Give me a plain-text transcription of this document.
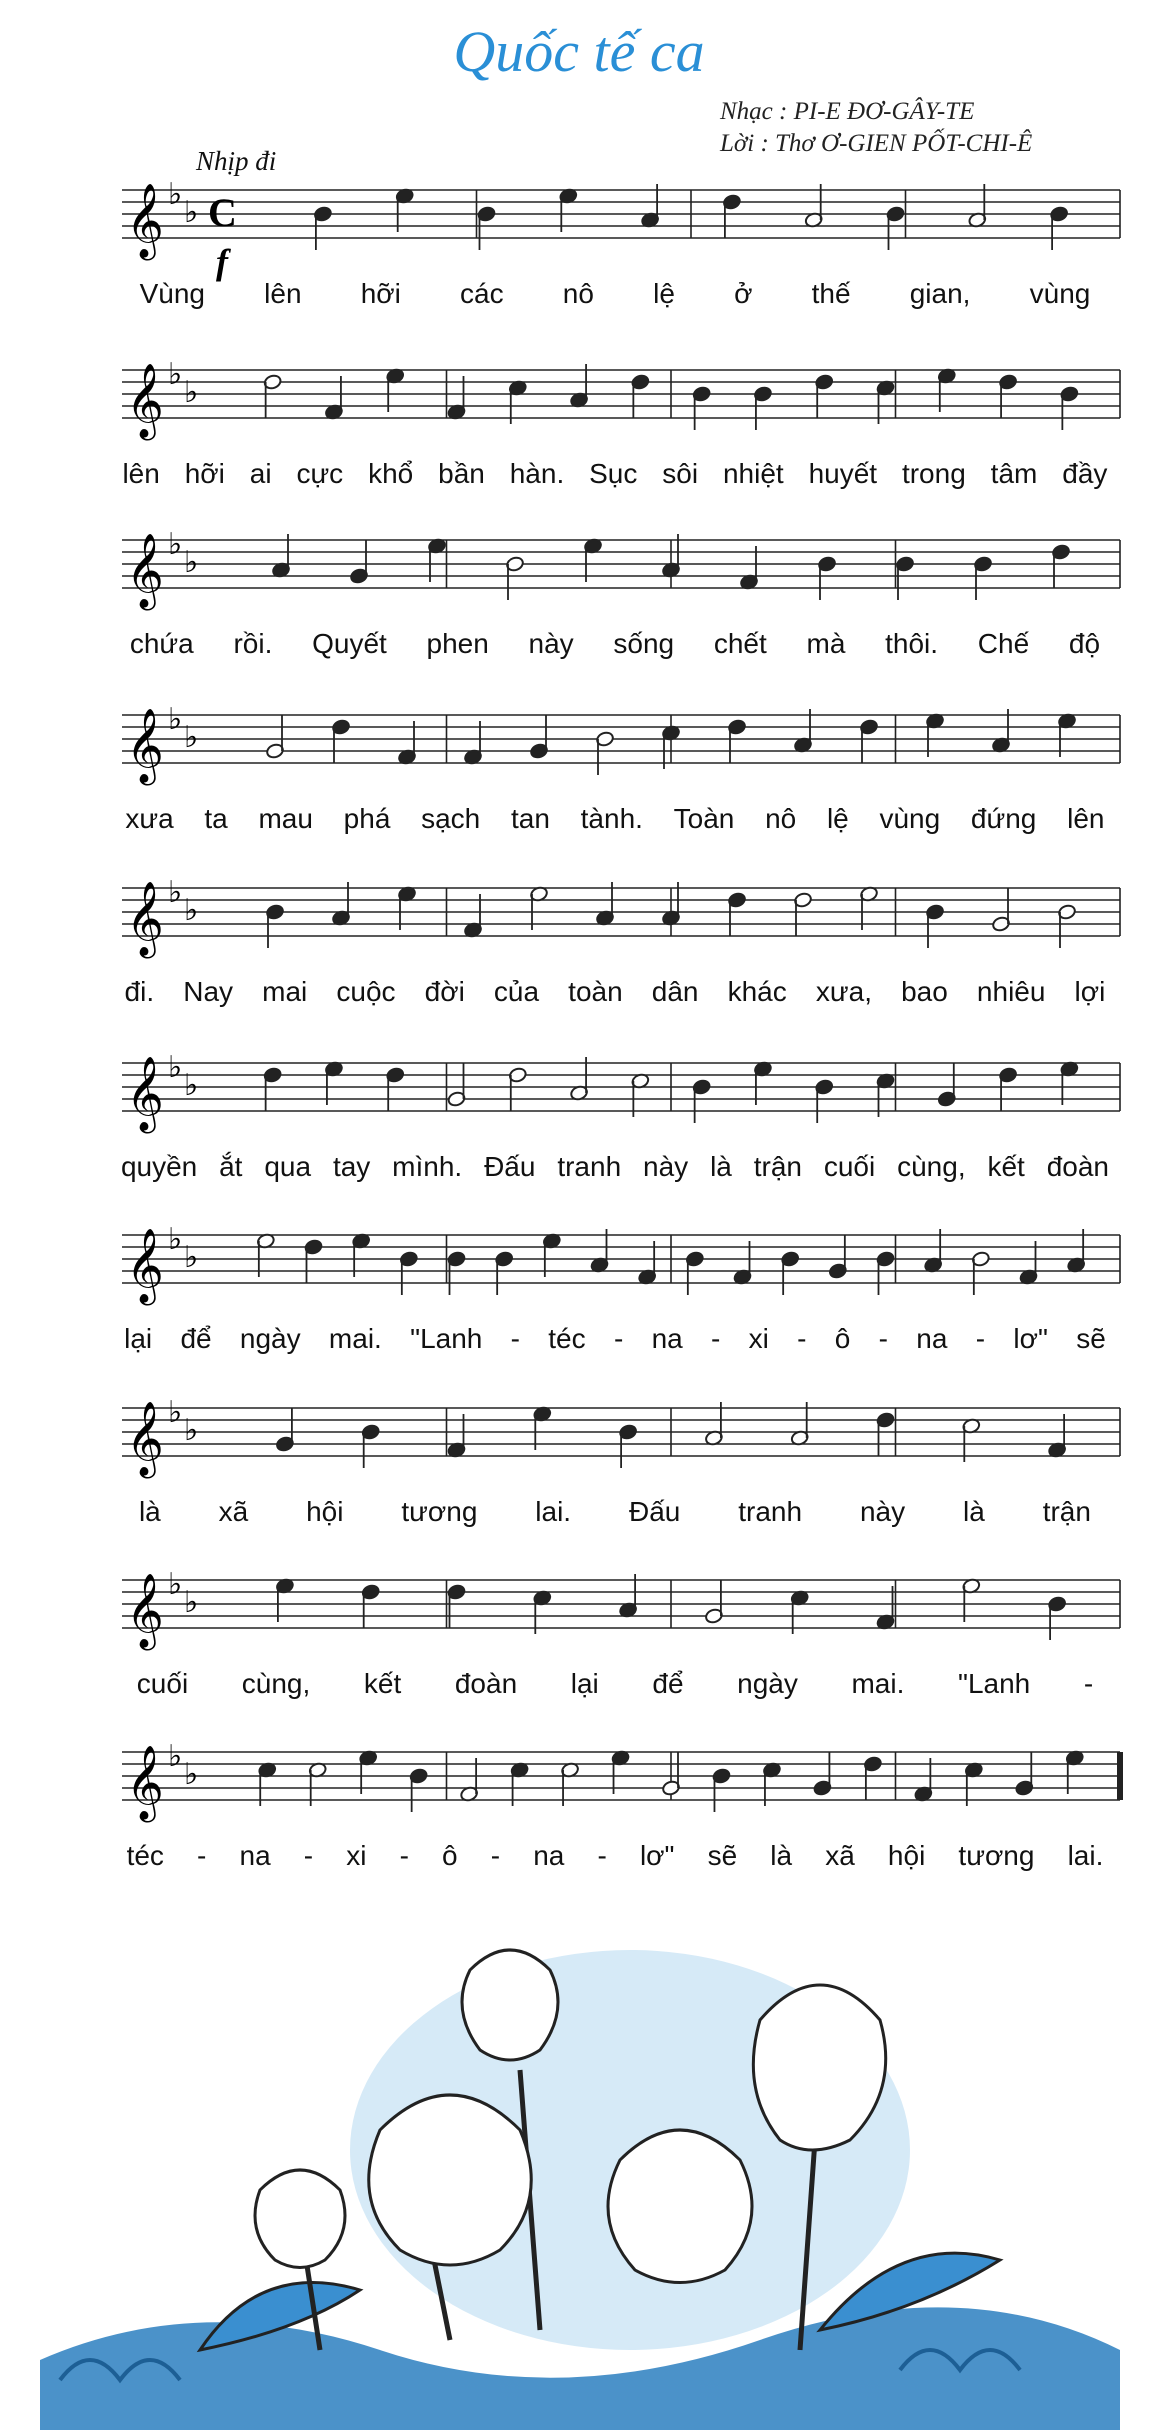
Quốc tế ca
Nhạc : PI-E ĐƠ-GÂY-TE
Lời : Thơ Ơ-GIEN PỐT-CHI-Ê
Nhịp đi
𝄞 ♭
♭ C
f
Vùng lên hỡi các nô lệ ở thế gian, vùng
𝄞 ♭
♭
lên hỡi ai cực khổ bần hàn. Sục sôi nhiệt huyết trong tâm đầy
𝄞 ♭
♭
chứa rồi. Quyết phen này sống chết mà thôi. Chế độ
𝄞 ♭
♭
xưa ta mau phá sạch tan tành. Toàn nô lệ vùng đứng lên
𝄞 ♭
♭
đi. Nay mai cuộc đời của toàn dân khác xưa, bao nhiêu lợi
𝄞 ♭
♭
quyền ắt qua tay mình. Đấu tranh này là trận cuối cùng, kết đoàn
𝄞 ♭
♭
lại để ngày mai. "Lanh - téc - na - xi - ô - na - lơ" sẽ
𝄞 ♭
♭
là xã hội tương lai. Đấu tranh này là trận
𝄞 ♭
♭
cuối cùng, kết đoàn lại để ngày mai. "Lanh -
𝄞 ♭
♭
téc - na - xi - ô - na - lơ" sẽ là xã hội tương lai.
